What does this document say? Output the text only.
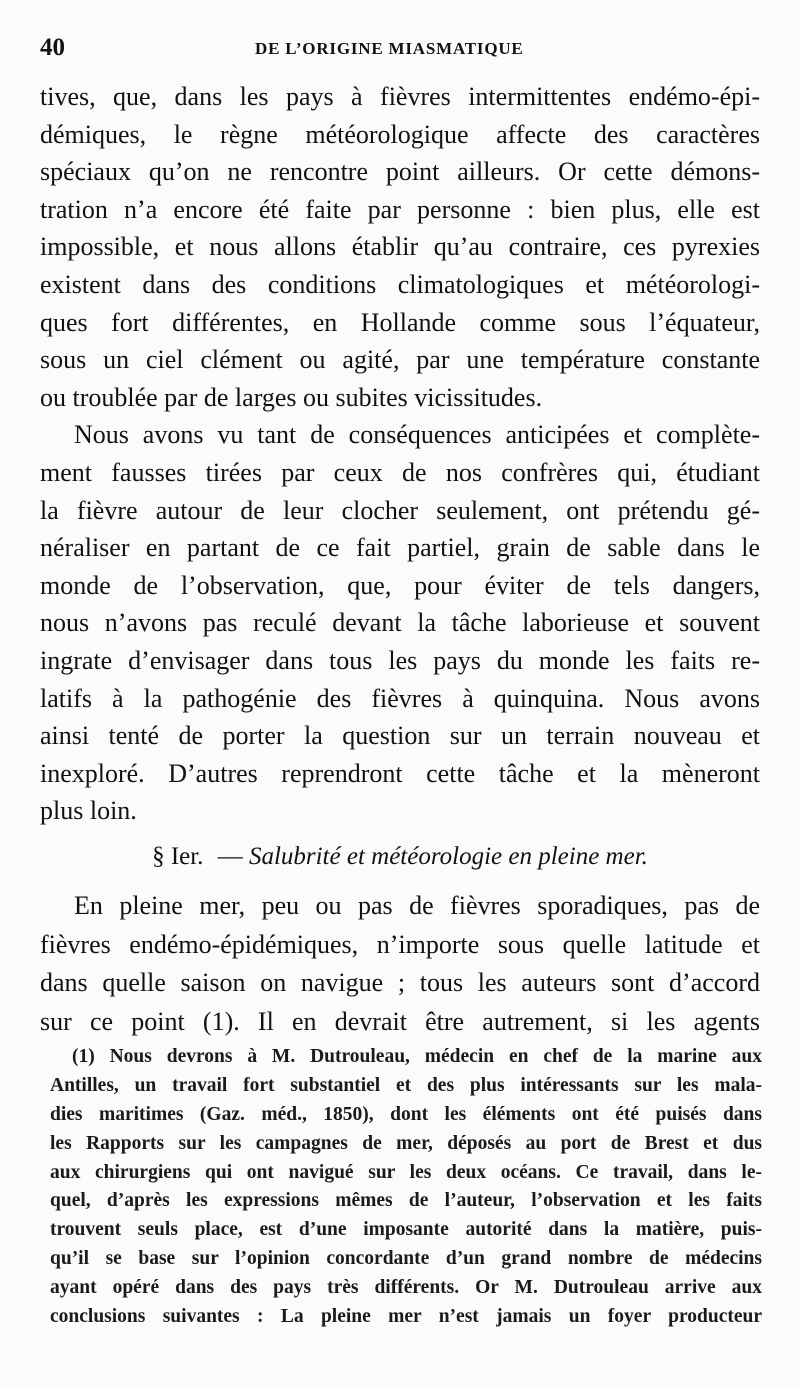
40	DE L’ORIGINE MIASMATIQUE
tives, que, dans les pays à fièvres intermittentes endémo-épi-
démiques, le règne météorologique affecte des caractères
spéciaux qu’on ne rencontre point ailleurs. Or cette démons-
tration n’a encore été faite par personne : bien plus, elle est
impossible, et nous allons établir qu’au contraire, ces pyrexies
existent dans des conditions climatologiques et météorologi-
ques fort différentes, en Hollande comme sous l’équateur,
sous un ciel clément ou agité, par une température constante
ou troublée par de larges ou subites vicissitudes.
Nous avons vu tant de conséquences anticipées et complète-
ment fausses tirées par ceux de nos confrères qui, étudiant
la fièvre autour de leur clocher seulement, ont prétendu gé-
néraliser en partant de ce fait partiel, grain de sable dans le
monde de l’observation, que, pour éviter de tels dangers,
nous n’avons pas reculé devant la tâche laborieuse et souvent
ingrate d’envisager dans tous les pays du monde les faits re-
latifs à la pathogénie des fièvres à quinquina. Nous avons
ainsi tenté de porter la question sur un terrain nouveau et
inexploré. D’autres reprendront cette tâche et la mèneront
plus loin.
§ Ier. — Salubrité et météorologie en pleine mer.
En pleine mer, peu ou pas de fièvres sporadiques, pas de
fièvres endémo-épidémiques, n’importe sous quelle latitude et
dans quelle saison on navigue ; tous les auteurs sont d’accord
sur ce point (1). Il en devrait être autrement, si les agents
(1) Nous devrons à M. Dutrouleau, médecin en chef de la marine aux
Antilles, un travail fort substantiel et des plus intéressants sur les mala-
dies maritimes (Gaz. méd., 1850), dont les éléments ont été puisés dans
les Rapports sur les campagnes de mer, déposés au port de Brest et dus
aux chirurgiens qui ont navigué sur les deux océans. Ce travail, dans le-
quel, d’après les expressions mêmes de l’auteur, l’observation et les faits
trouvent seuls place, est d’une imposante autorité dans la matière, puis-
qu’il se base sur l’opinion concordante d’un grand nombre de médecins
ayant opéré dans des pays très différents. Or M. Dutrouleau arrive aux
conclusions suivantes : La pleine mer n’est jamais un foyer producteur
